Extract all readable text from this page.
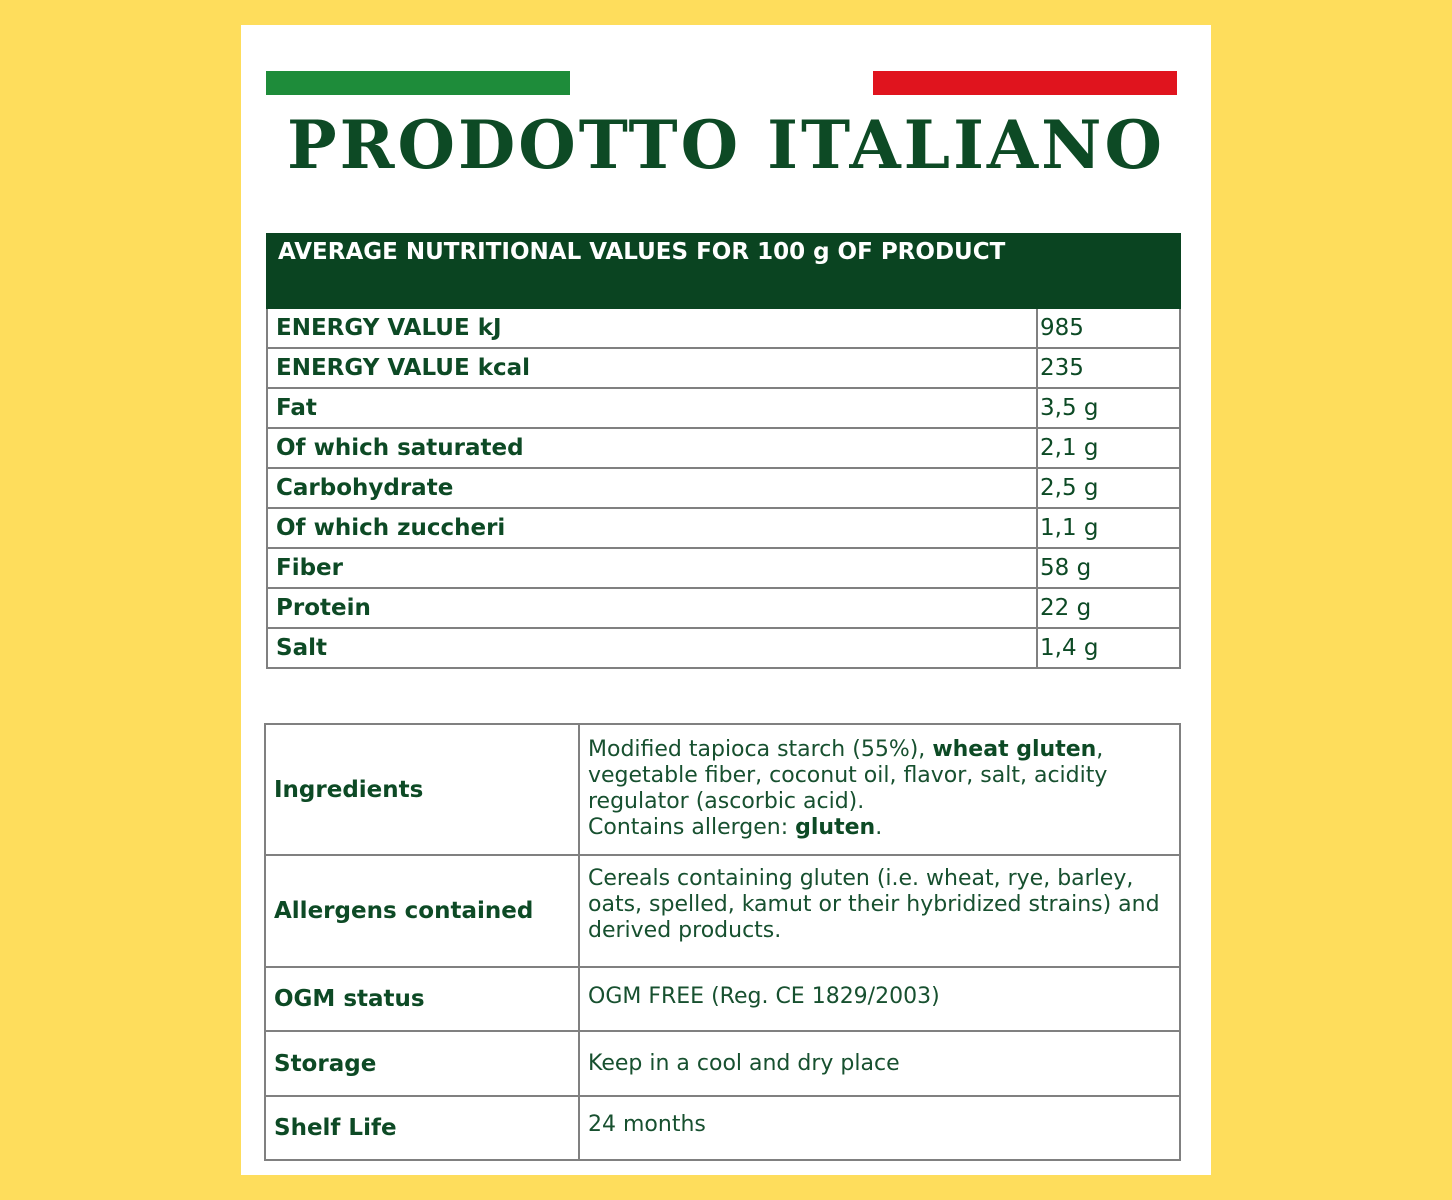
PRODOTTO ITALIANO
AVERAGE NUTRITIONAL VALUES FOR 100 g OF PRODUCT	
ENERGY VALUE kJ	985
ENERGY VALUE kcal	235
Fat	3,5 g
Of which saturated	2,1 g
Carbohydrate	2,5 g
Of which zuccheri	1,1 g
Fiber	58 g
Protein	22 g
Salt	1,4 g
Ingredients	Modified tapioca starch (55%), wheat gluten, vegetable fiber, coconut oil, flavor, salt, acidity regulator (ascorbic acid).
Contains allergen: gluten.
Allergens contained	Cereals containing gluten (i.e. wheat, rye, barley, oats, spelled, kamut or their hybridized strains) and derived products.
OGM status	OGM FREE (Reg. CE 1829/2003)
Storage	Keep in a cool and dry place
Shelf Life	24 months
